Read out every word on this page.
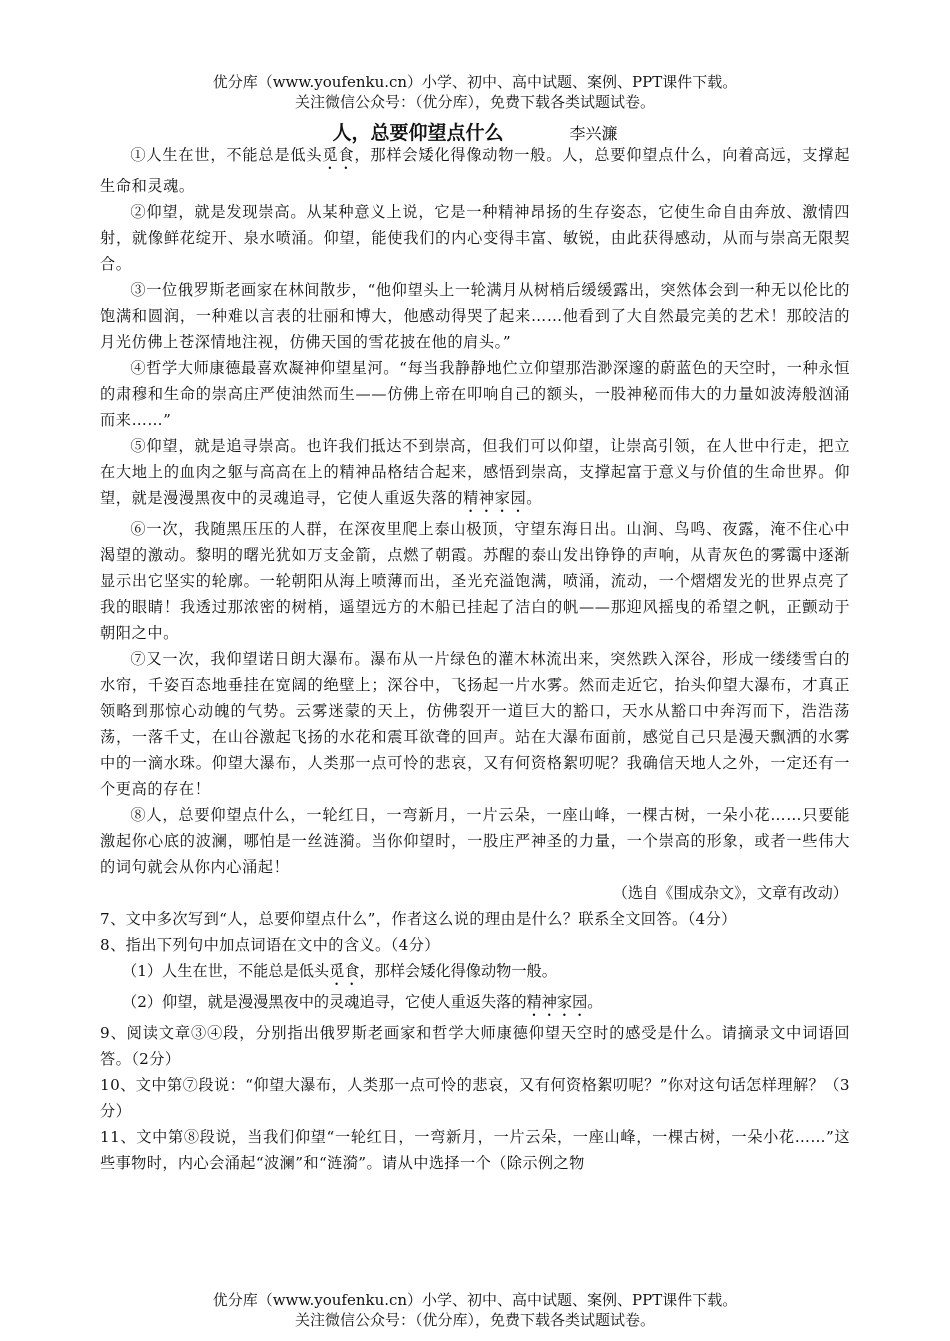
优分库（www.youfenku.cn）小学、初中、高中试题、案例、PPT课件下载。
关注微信公众号：（优分库），免费下载各类试题试卷。
人，总要仰望点什么	李兴濂

①人生在世，不能总是低头觅食，那样会矮化得像动物一般。人，总要仰望点什么，向着高远，支撑起生命和灵魂。

②仰望，就是发现崇高。从某种意义上说，它是一种精神昂扬的生存姿态，它使生命自由奔放、激情四射，就像鲜花绽开、泉水喷涌。仰望，能使我们的内心变得丰富、敏锐，由此获得感动，从而与崇高无限契合。

③一位俄罗斯老画家在林间散步，“他仰望头上一轮满月从树梢后缓缓露出，突然体会到一种无以伦比的饱满和圆润，一种难以言表的壮丽和博大，他感动得哭了起来……他看到了大自然最完美的艺术！那皎洁的月光仿佛上苍深情地注视，仿佛天国的雪花披在他的肩头。”

④哲学大师康德最喜欢凝神仰望星河。“每当我静静地伫立仰望那浩渺深邃的蔚蓝色的天空时，一种永恒的肃穆和生命的崇高庄严使油然而生——仿佛上帝在叩响自己的额头，一股神秘而伟大的力量如波涛般汹涌而来……”

⑤仰望，就是追寻崇高。也许我们抵达不到崇高，但我们可以仰望，让崇高引领，在人世中行走，把立在大地上的血肉之躯与高高在上的精神品格结合起来，感悟到崇高，支撑起富于意义与价值的生命世界。仰望，就是漫漫黑夜中的灵魂追寻，它使人重返失落的精神家园。

⑥一次，我随黑压压的人群，在深夜里爬上泰山极顶，守望东海日出。山涧、鸟鸣、夜露，淹不住心中渴望的激动。黎明的曙光犹如万支金箭，点燃了朝霞。苏醒的泰山发出铮铮的声响，从青灰色的雾霭中逐渐显示出它坚实的轮廓。一轮朝阳从海上喷薄而出，圣光充溢饱满，喷涌，流动，一个熠熠发光的世界点亮了我的眼睛！我透过那浓密的树梢，遥望远方的木船已挂起了洁白的帆——那迎风摇曳的希望之帆，正颤动于朝阳之中。

⑦又一次，我仰望诺日朗大瀑布。瀑布从一片绿色的灌木林流出来，突然跌入深谷，形成一缕缕雪白的水帘，千姿百态地垂挂在宽阔的绝壁上；深谷中，飞扬起一片水雾。然而走近它，抬头仰望大瀑布，才真正领略到那惊心动魄的气势。云雾迷蒙的天上，仿佛裂开一道巨大的豁口，天水从豁口中奔泻而下，浩浩荡荡，一落千丈，在山谷激起飞扬的水花和震耳欲聋的回声。站在大瀑布面前，感觉自己只是漫天飘洒的水雾中的一滴水珠。仰望大瀑布，人类那一点可怜的悲哀，又有何资格絮叨呢？我确信天地人之外，一定还有一个更高的存在！

⑧人，总要仰望点什么，一轮红日，一弯新月，一片云朵，一座山峰，一棵古树，一朵小花……只要能激起你心底的波澜，哪怕是一丝涟漪。当你仰望时，一股庄严神圣的力量，一个崇高的形象，或者一些伟大的词句就会从你内心涌起！

（选自《围成杂文》，文章有改动）

7、文中多次写到“人，总要仰望点什么”，作者这么说的理由是什么？联系全文回答。（4分）

8、指出下列句中加点词语在文中的含义。（4分）

（1）人生在世，不能总是低头觅食，那样会矮化得像动物一般。

（2）仰望，就是漫漫黑夜中的灵魂追寻，它使人重返失落的精神家园。

9、阅读文章③④段，分别指出俄罗斯老画家和哲学大师康德仰望天空时的感受是什么。请摘录文中词语回答。（2分）

10、文中第⑦段说：“仰望大瀑布，人类那一点可怜的悲哀，又有何资格絮叨呢？”你对这句话怎样理解？（3分）

11、文中第⑧段说，当我们仰望“一轮红日，一弯新月，一片云朵，一座山峰，一棵古树，一朵小花……”这些事物时，内心会涌起“波澜”和“涟漪”。请从中选择一个（除示例之物

优分库（www.youfenku.cn）小学、初中、高中试题、案例、PPT课件下载。
关注微信公众号：（优分库），免费下载各类试题试卷。
